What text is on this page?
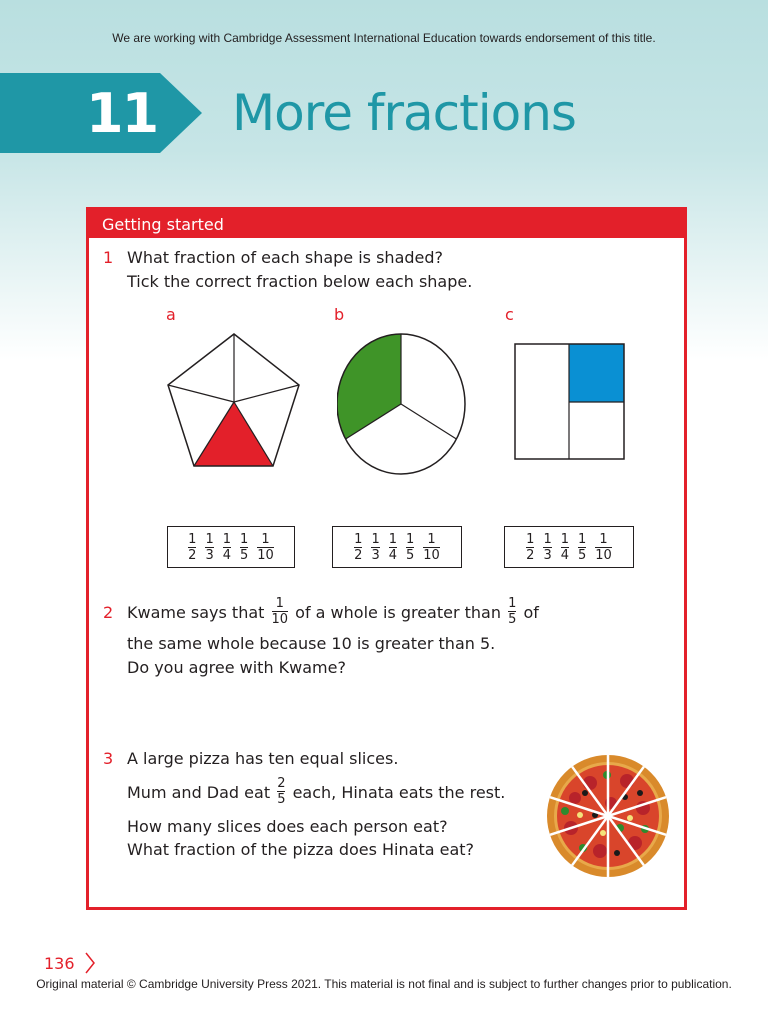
We are working with Cambridge Assessment International Education towards endorsement of this title.
11 More fractions
Getting started
1 What fraction of each shape is shaded?
Tick the correct fraction below each shape.
a	b	c
$\frac{1}{2} \frac{1}{3} \frac{1}{4} \frac{1}{5} \frac{1}{10}$	$\frac{1}{2} \frac{1}{3} \frac{1}{4} \frac{1}{5} \frac{1}{10}$	$\frac{1}{2} \frac{1}{3} \frac{1}{4} \frac{1}{5} \frac{1}{10}$
2 Kwame says that $\frac{1}{10}$ of a whole is greater than $\frac{1}{5}$ of
the same whole because 10 is greater than 5.
Do you agree with Kwame?
3 A large pizza has ten equal slices.
Mum and Dad eat $\frac{2}{5}$ each, Hinata eats the rest.
How many slices does each person eat?
What fraction of the pizza does Hinata eat?
136
Original material © Cambridge University Press 2021. This material is not final and is subject to further changes prior to publication.
